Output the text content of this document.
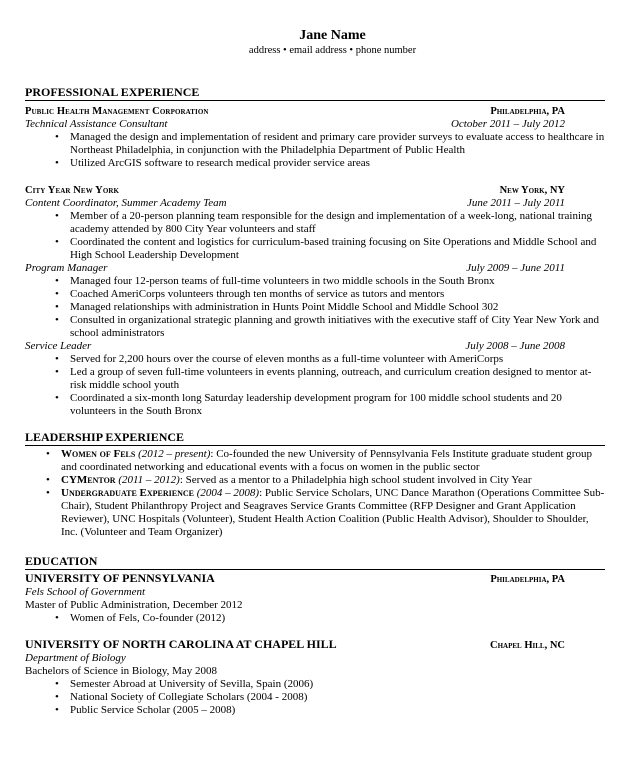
Jane Name
address • email address • phone number
PROFESSIONAL EXPERIENCE
Public Health Management Corporation	Philadelphia, PA
Technical Assistance Consultant	October 2011 – July 2012
• Managed the design and implementation of resident and primary care provider surveys to evaluate access to healthcare in Northeast Philadelphia, in conjunction with the Philadelphia Department of Public Health
• Utilized ArcGIS software to research medical provider service areas
City Year New York	New York, NY
Content Coordinator, Summer Academy Team	June 2011 – July 2011
• Member of a 20-person planning team responsible for the design and implementation of a week-long, national training academy attended by 800 City Year volunteers and staff
• Coordinated the content and logistics for curriculum-based training focusing on Site Operations and Middle School and High School Leadership Development
Program Manager	July 2009 – June 2011
• Managed four 12-person teams of full-time volunteers in two middle schools in the South Bronx
• Coached AmeriCorps volunteers through ten months of service as tutors and mentors
• Managed relationships with administration in Hunts Point Middle School and Middle School 302
• Consulted in organizational strategic planning and growth initiatives with the executive staff of City Year New York and school administrators
Service Leader	July 2008 – June 2008
• Served for 2,200 hours over the course of eleven months as a full-time volunteer with AmeriCorps
• Led a group of seven full-time volunteers in events planning, outreach, and curriculum creation designed to mentor at-risk middle school youth
• Coordinated a six-month long Saturday leadership development program for 100 middle school students and 20 volunteers in the South Bronx
LEADERSHIP EXPERIENCE
• Women of Fels (2012 – present): Co-founded the new University of Pennsylvania Fels Institute graduate student group and coordinated networking and educational events with a focus on women in the public sector
• CYMentor (2011 – 2012): Served as a mentor to a Philadelphia high school student involved in City Year
• Undergraduate Experience (2004 – 2008): Public Service Scholars, UNC Dance Marathon (Operations Committee Sub-Chair), Student Philanthropy Project and Seagraves Service Grants Committee (RFP Designer and Grant Application Reviewer), UNC Hospitals (Volunteer), Student Health Action Coalition (Public Health Advisor), Shoulder to Shoulder, Inc. (Volunteer and Team Organizer)
EDUCATION
UNIVERSITY OF PENNSYLVANIA	Philadelphia, PA
Fels School of Government
Master of Public Administration, December 2012
• Women of Fels, Co-founder (2012)
UNIVERSITY OF NORTH CAROLINA AT CHAPEL HILL	Chapel Hill, NC
Department of Biology
Bachelors of Science in Biology, May 2008
• Semester Abroad at University of Sevilla, Spain (2006)
• National Society of Collegiate Scholars (2004 - 2008)
• Public Service Scholar (2005 – 2008)
